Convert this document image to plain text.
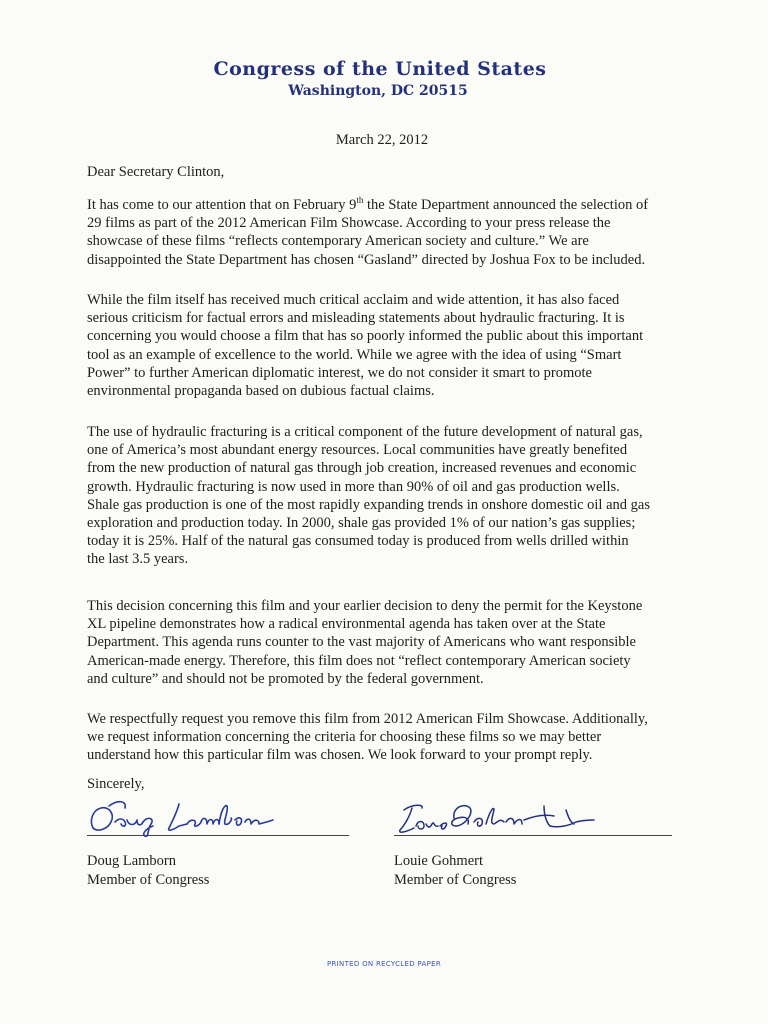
Congress of the United States
Washington, DC 20515
March 22, 2012
Dear Secretary Clinton,
It has come to our attention that on February 9th the State Department announced the selection of
29 films as part of the 2012 American Film Showcase. According to your press release the
showcase of these films “reflects contemporary American society and culture.” We are
disappointed the State Department has chosen “Gasland” directed by Joshua Fox to be included.
While the film itself has received much critical acclaim and wide attention, it has also faced
serious criticism for factual errors and misleading statements about hydraulic fracturing. It is
concerning you would choose a film that has so poorly informed the public about this important
tool as an example of excellence to the world. While we agree with the idea of using “Smart
Power” to further American diplomatic interest, we do not consider it smart to promote
environmental propaganda based on dubious factual claims.
The use of hydraulic fracturing is a critical component of the future development of natural gas,
one of America’s most abundant energy resources. Local communities have greatly benefited
from the new production of natural gas through job creation, increased revenues and economic
growth. Hydraulic fracturing is now used in more than 90% of oil and gas production wells.
Shale gas production is one of the most rapidly expanding trends in onshore domestic oil and gas
exploration and production today. In 2000, shale gas provided 1% of our nation’s gas supplies;
today it is 25%. Half of the natural gas consumed today is produced from wells drilled within
the last 3.5 years.
This decision concerning this film and your earlier decision to deny the permit for the Keystone
XL pipeline demonstrates how a radical environmental agenda has taken over at the State
Department. This agenda runs counter to the vast majority of Americans who want responsible
American-made energy. Therefore, this film does not “reflect contemporary American society
and culture” and should not be promoted by the federal government.
We respectfully request you remove this film from 2012 American Film Showcase. Additionally,
we request information concerning the criteria for choosing these films so we may better
understand how this particular film was chosen. We look forward to your prompt reply.
Sincerely,
Doug Lamborn
Member of Congress
Louie Gohmert
Member of Congress
PRINTED ON RECYCLED PAPER
